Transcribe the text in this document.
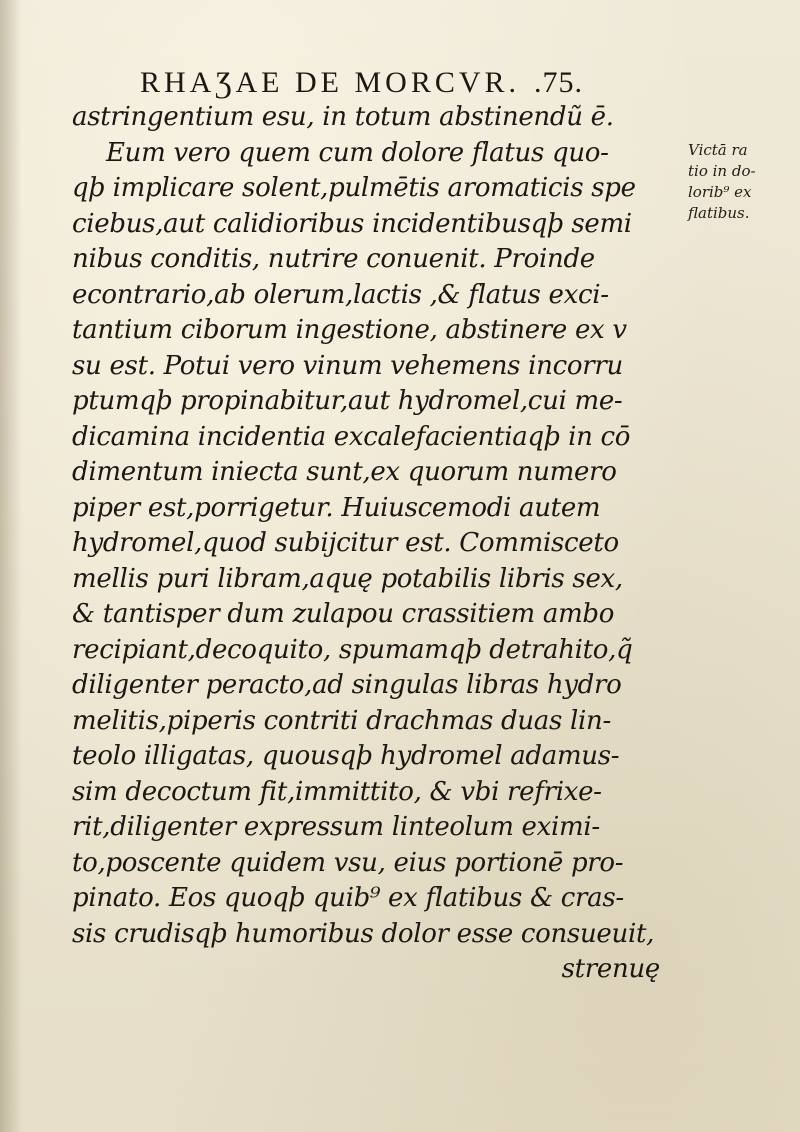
RHAƷAE DE MORCVR. .75.
astringentium esu, in totum abstinendũ ē.
Eum vero quem cum dolore flatus quo-
qþ implicare solent,pulmētis aromaticis spe
ciebus,aut calidioribus incidentibusqþ semi
nibus conditis, nutrire conuenit. Proinde
econtrario,ab olerum,lactis ,& flatus exci-
tantium ciborum ingestione, abstinere ex v
su est. Potui vero vinum vehemens incorru
ptumqþ propinabitur,aut hydromel,cui me-
dicamina incidentia excalefacientiaqþ in cō
dimentum iniecta sunt,ex quorum numero
piper est,porrigetur. Huiuscemodi autem
hydromel,quod subijcitur est. Commisceto
mellis puri libram,aquę potabilis libris sex,
& tantisper dum zulapou crassitiem ambo
recipiant,decoquito, spumamqþ detrahito,q̃
diligenter peracto,ad singulas libras hydro
melitis,piperis contriti drachmas duas lin-
teolo illigatas, quousqþ hydromel adamus-
sim decoctum fit,immittito, & vbi refrixe-
rit,diligenter expressum linteolum eximi-
to,poscente quidem vsu, eius portionē pro-
pinato. Eos quoqþ quib⁹ ex flatibus & cras-
sis crudisqþ humoribus dolor esse consueuit,
strenuę
Victā ra
tio in do-
lorib⁹ ex
flatibus.
